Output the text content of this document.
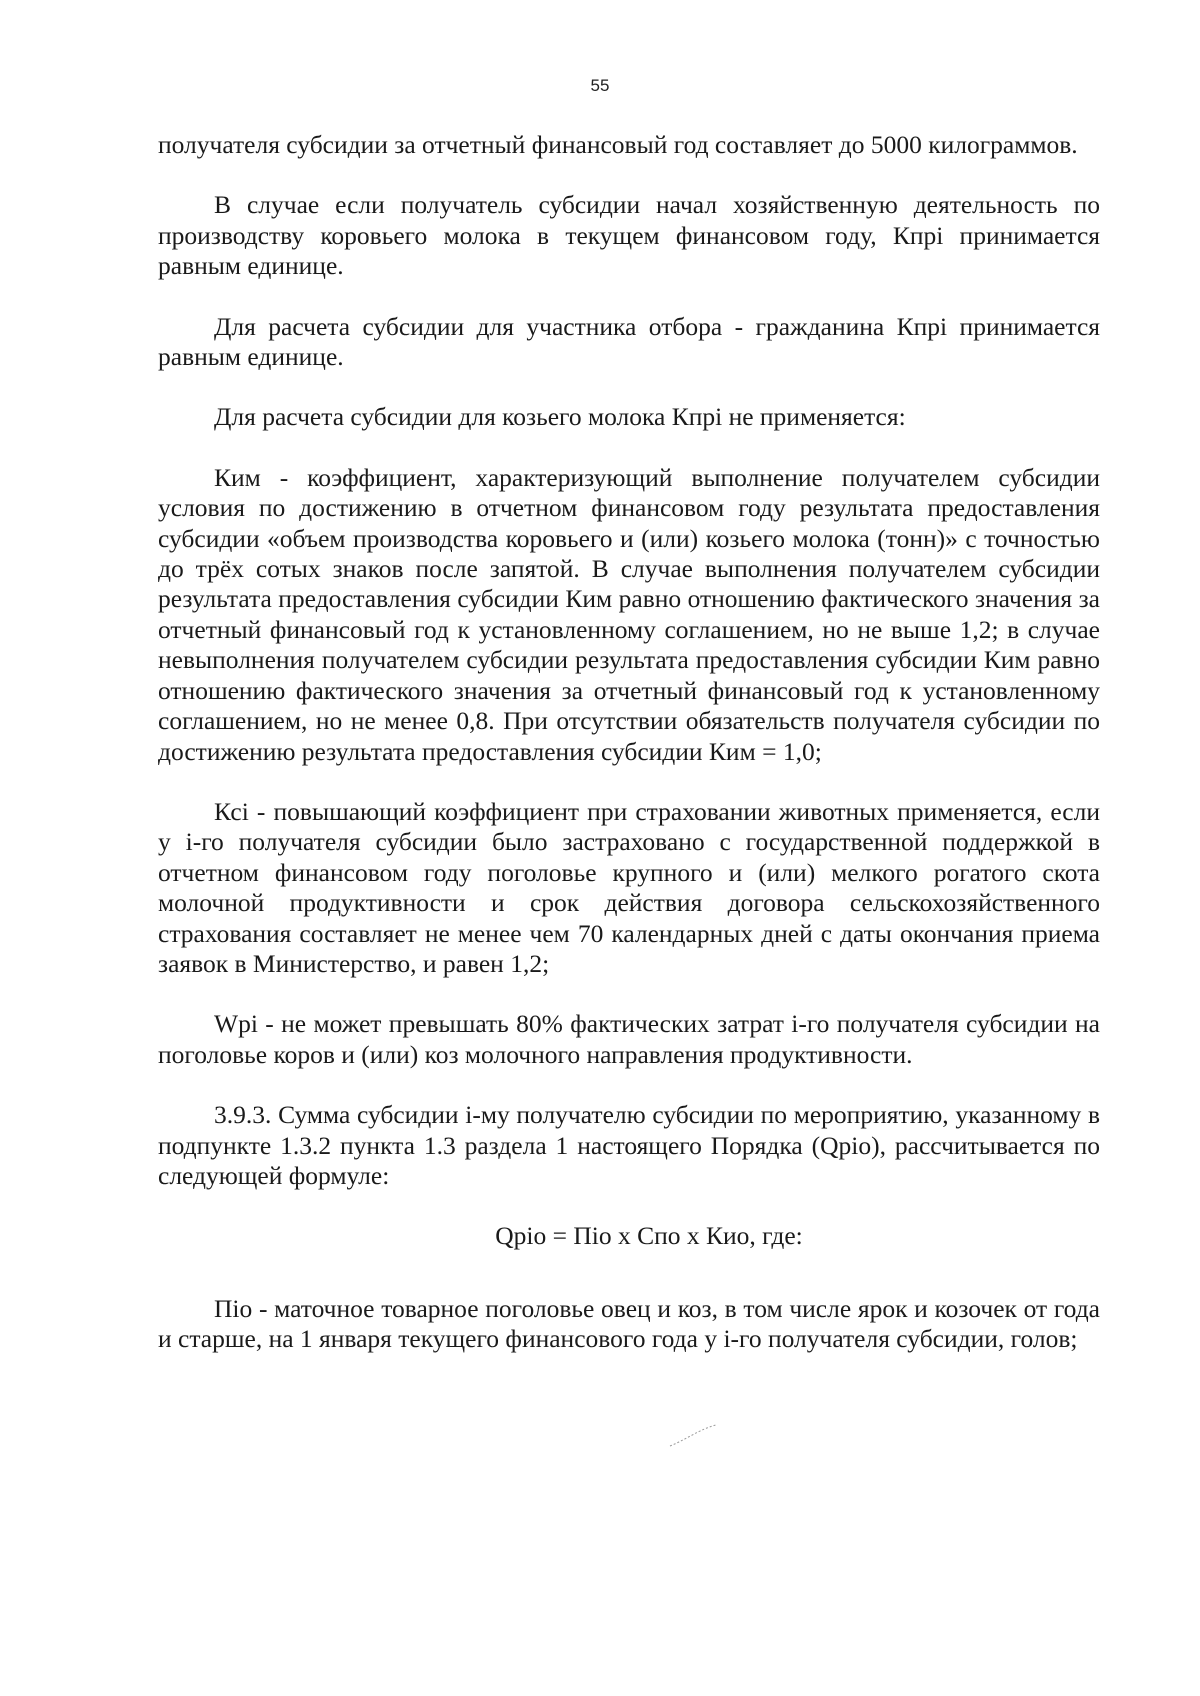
55

получателя субсидии за отчетный финансовый год составляет до 5000 килограммов.

В случае если получатель субсидии начал хозяйственную деятельность по производству коровьего молока в текущем финансовом году, Кпрі принимается равным единице.

Для расчета субсидии для участника отбора - гражданина Кпрі принимается равным единице.

Для расчета субсидии для козьего молока Кпрі не применяется:

Ким - коэффициент, характеризующий выполнение получателем субсидии условия по достижению в отчетном финансовом году результата предоставления субсидии «объем производства коровьего и (или) козьего молока (тонн)» с точностью до трёх сотых знаков после запятой. В случае выполнения получателем субсидии результата предоставления субсидии Ким равно отношению фактического значения за отчетный финансовый год к установленному соглашением, но не выше 1,2; в случае невыполнения получателем субсидии результата предоставления субсидии Ким равно отношению фактического значения за отчетный финансовый год к установленному соглашением, но не менее 0,8. При отсутствии обязательств получателя субсидии по достижению результата предоставления субсидии Ким = 1,0;

Ксі - повышающий коэффициент при страховании животных применяется, если у і-го получателя субсидии было застраховано с государственной поддержкой в отчетном финансовом году поголовье крупного и (или) мелкого рогатого скота молочной продуктивности и срок действия договора сельскохозяйственного страхования составляет не менее чем 70 календарных дней с даты окончания приема заявок в Министерство, и равен 1,2;

Wpi - не может превышать 80% фактических затрат і-го получателя субсидии на поголовье коров и (или) коз молочного направления продуктивности.

3.9.3. Сумма субсидии і-му получателю субсидии по мероприятию, указанному в подпункте 1.3.2 пункта 1.3 раздела 1 настоящего Порядка (Qpio), рассчитывается по следующей формуле:

Qpio = Піо х Спо х Кио, где:

Піо - маточное товарное поголовье овец и коз, в том числе ярок и козочек от года и старше, на 1 января текущего финансового года у і-го получателя субсидии, голов;
